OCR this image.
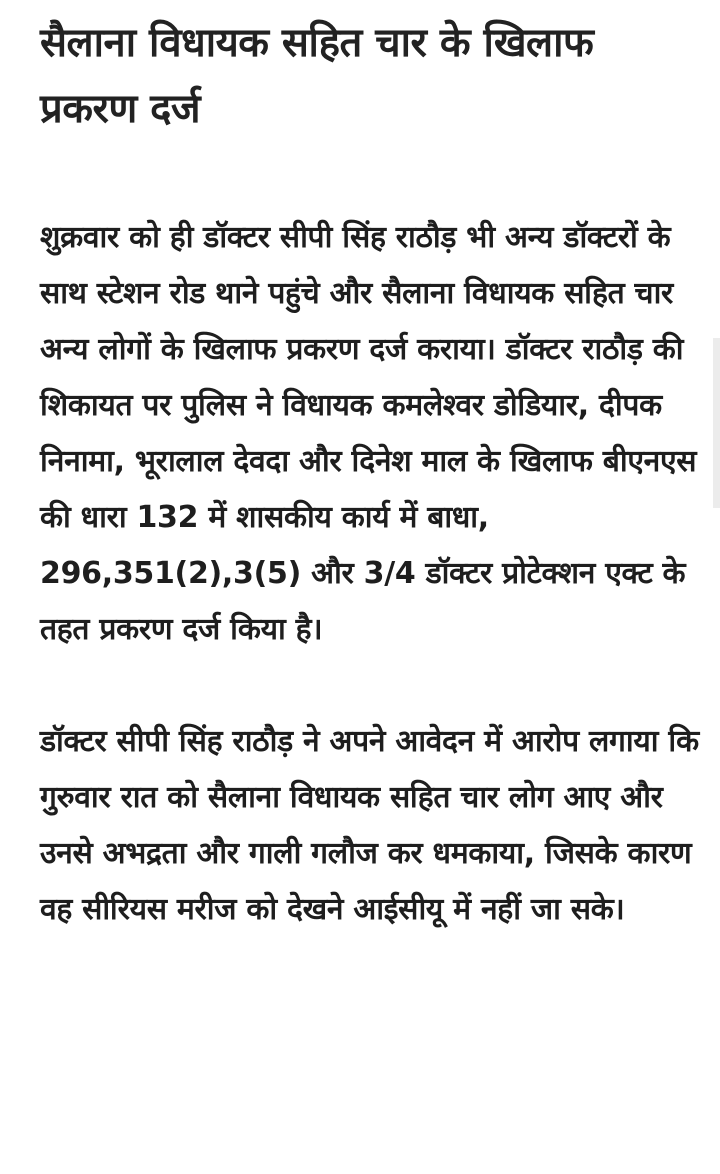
सैलाना विधायक सहित चार के खिलाफ प्रकरण दर्ज

शुक्रवार को ही डॉक्टर सीपी सिंह राठौड़ भी अन्य डॉक्टरों के साथ स्टेशन रोड थाने पहुंचे और सैलाना विधायक सहित चार अन्य लोगों के खिलाफ प्रकरण दर्ज कराया। डॉक्टर राठौड़ की शिकायत पर पुलिस ने विधायक कमलेश्वर डोडियार, दीपक निनामा, भूरालाल देवदा और दिनेश माल के खिलाफ बीएनएस की धारा 132 में शासकीय कार्य में बाधा, 296,351(2),3(5) और 3/4 डॉक्टर प्रोटेक्शन एक्ट के तहत प्रकरण दर्ज किया है।

डॉक्टर सीपी सिंह राठौड़ ने अपने आवेदन में आरोप लगाया कि गुरुवार रात को सैलाना विधायक सहित चार लोग आए और उनसे अभद्रता और गाली गलौज कर धमकाया, जिसके कारण वह सीरियस मरीज को देखने आईसीयू में नहीं जा सके।
